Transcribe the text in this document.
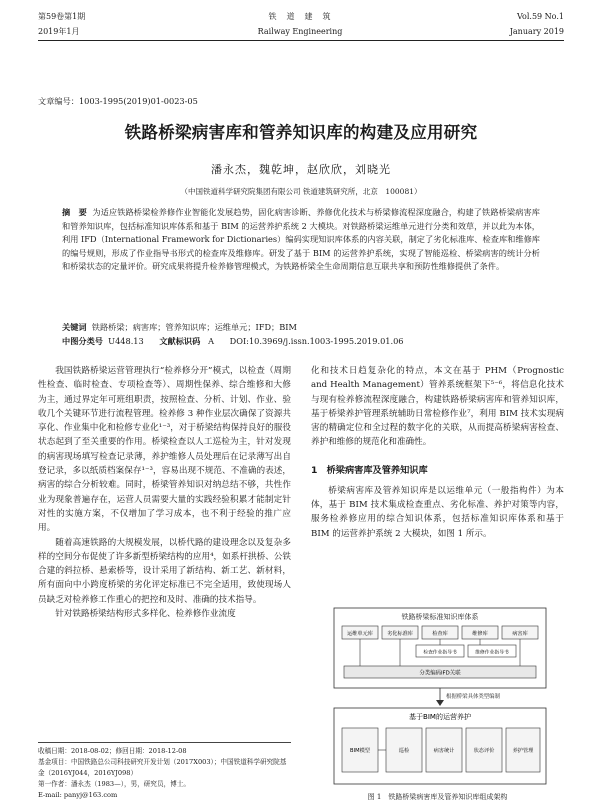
第59卷第1期
2019年1月
铁　道　建　筑
Railway Engineering
Vol.59 No.1
January 2019
文章编号：1003-1995(2019)01-0023-05
铁路桥梁病害库和管养知识库的构建及应用研究
潘永杰，魏乾坤，赵欣欣，刘晓光
（中国铁道科学研究院集团有限公司 铁道建筑研究所，北京　100081）
摘　要 为适应铁路桥梁检养修作业智能化发展趋势，固化病害诊断、养修优化技术与桥梁修流程深度融合，构建了铁路桥梁病害库和管养知识库，包括标准知识库体系和基于 BIM 的运营养护系统 2 大模块。对铁路桥梁运维单元进行分类和效草，并以此为本体，利用 IFD（International Framework for Dictionaries）编码实现知识库体系的内容关联，制定了劣化标准库、检查库和维修库的编号规则，形成了作业指导书形式的检查库及维修库。研发了基于 BIM 的运营养护系统，实现了智能巡检、桥梁病害的统计分析和桥梁状态的定量评价。研究成果将提升检养修管理模式，为铁路桥梁全生命周期信息互联共享和预防性维修提供了条件。
关键词 铁路桥梁；病害库；管养知识库；运维单元；IFD；BIM
中图分类号 U448.13 文献标识码 A DOI:10.3969/j.issn.1003-1995.2019.01.06

我国铁路桥梁运营管理执行“检养修分开”模式，以检查（周期性检查、临时检查、专项检查等）、周期性保养、综合维修和大修为主，通过界定年可班组职责，按照检查、分析、计划、作业、验收几个关键环节进行流程管理。检养修 3 种作业层次确保了资源共享化、作业集中化和检修专业化¹⁻³，对于桥梁结构保持良好的服役状态起到了至关重要的作用。桥梁检查以人工巡检为主，针对发现的病害现场填写检查记录薄，养护维修人员处理后在记录薄写出自登记录，多以纸质档案保存¹⁻³，容易出现不规范、不准确的表述，病害的综合分析较难。同时，桥梁管养知识对纳总结不够，共性作业为现象普遍存在，运营人员需要大量的实践经验积累才能制定针对性的实施方案，不仅增加了学习成本，也不利于经验的推广应用。

随着高速铁路的大规模发展，以桥代路的建设理念以及复杂多样的空间分布促使了许多新型桥梁结构的应用⁴，如系杆拱桥、公铁合建的斜拉桥、悬索桥等，设计采用了新结构、新工艺、新材料，所有面向中小跨度桥梁的劣化评定标准已不完全适用，致使现场人员缺乏对检养修工作重心的把控和及时、准确的技术指导。

针对铁路桥梁结构形式多样化、检养修作业流度

收稿日期：2018-08-02；修回日期：2018-12-08
基金项目：中国铁路总公司科技研究开发计划（2017X003）；中国铁道科学研究院基金（2016YJ044，2016YJ098）
第一作者：潘永杰（1983—），男，研究员，博士。
E-mail: panyj@163.com

化和技术日趋复杂化的特点，本文在基于 PHM（Prognostic and Health Management）管养系统框架下⁵⁻⁶，将信息化技术与现有检养修流程深度融合，构建铁路桥梁病害库和管养知识库，基于桥梁养护管理系统辅助日常检修作业⁷，利用 BIM 技术实现病害的精确定位和全过程的数字化的关联，从而提高桥梁病害检查、养护和维修的规范化和准确性。

1　桥梁病害库及管养知识库

桥梁病害库及管养知识库是以运维单元（一般指构件）为本体，基于 BIM 技术集成检查重点、劣化标准、养护对策等内容，服务检养修应用的综合知识体系，包括标准知识库体系和基于 BIM 的运营养护系统 2 大模块，如图 1 所示。

铁路桥梁标准知识库体系
运维单元库	劣化标准库	检查库	维修库	病害库
检查作业指导书	维修作业指导书
分类编码IFD关联
根据桥梁具体类型编制
基于BIM的运营养护
BIM模型	巡检	病害统计	状态评价	养护管理
图 1　铁路桥梁病害库及管养知识库组成架构
